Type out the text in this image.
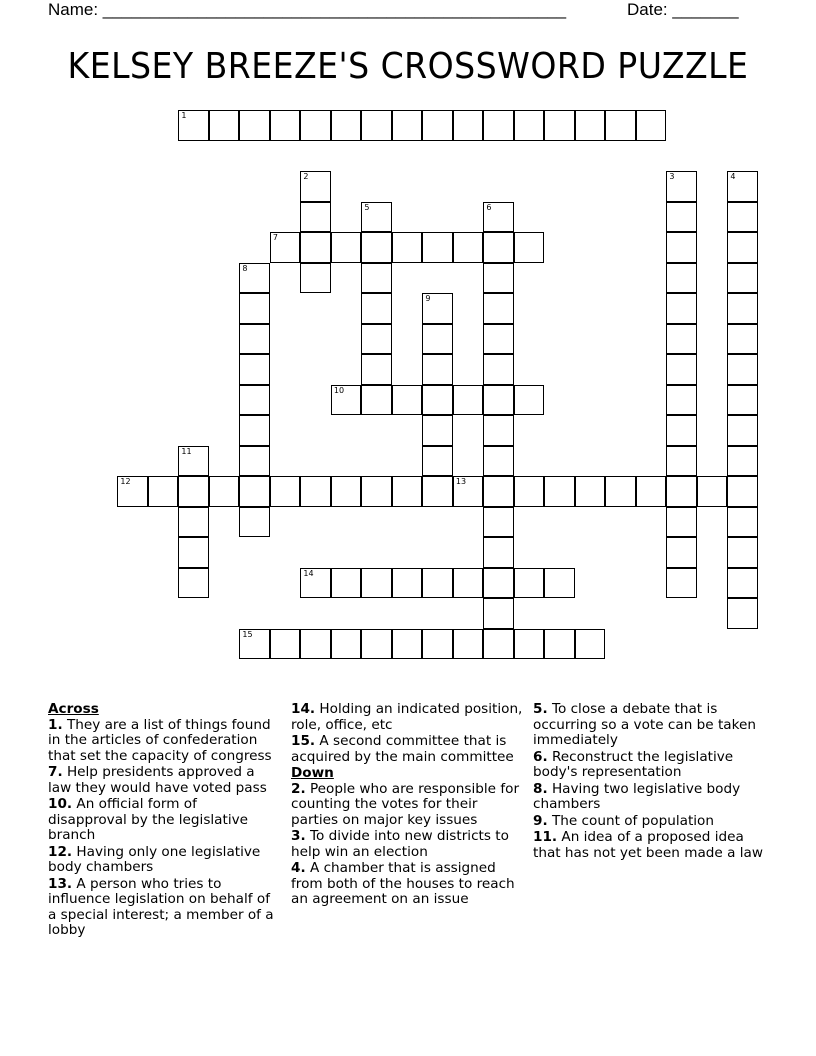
Name: _________________________________________________	Date: _______
KELSEY BREEZE'S CROSSWORD PUZZLE
1
2	3	4
5	6
7
8
9
10
11
12	13
14
15
Across
1. They are a list of things found in the articles of confederation that set the capacity of congress
7. Help presidents approved a law they would have voted pass
10. An official form of disapproval by the legislative branch
12. Having only one legislative body chambers
13. A person who tries to influence legislation on behalf of a special interest; a member of a lobby
14. Holding an indicated position, role, office, etc
15. A second committee that is acquired by the main committee
Down
2. People who are responsible for counting the votes for their parties on major key issues
3. To divide into new districts to help win an election
4. A chamber that is assigned from both of the houses to reach an agreement on an issue
5. To close a debate that is occurring so a vote can be taken immediately
6. Reconstruct the legislative body's representation
8. Having two legislative body chambers
9. The count of population
11. An idea of a proposed idea that has not yet been made a law
